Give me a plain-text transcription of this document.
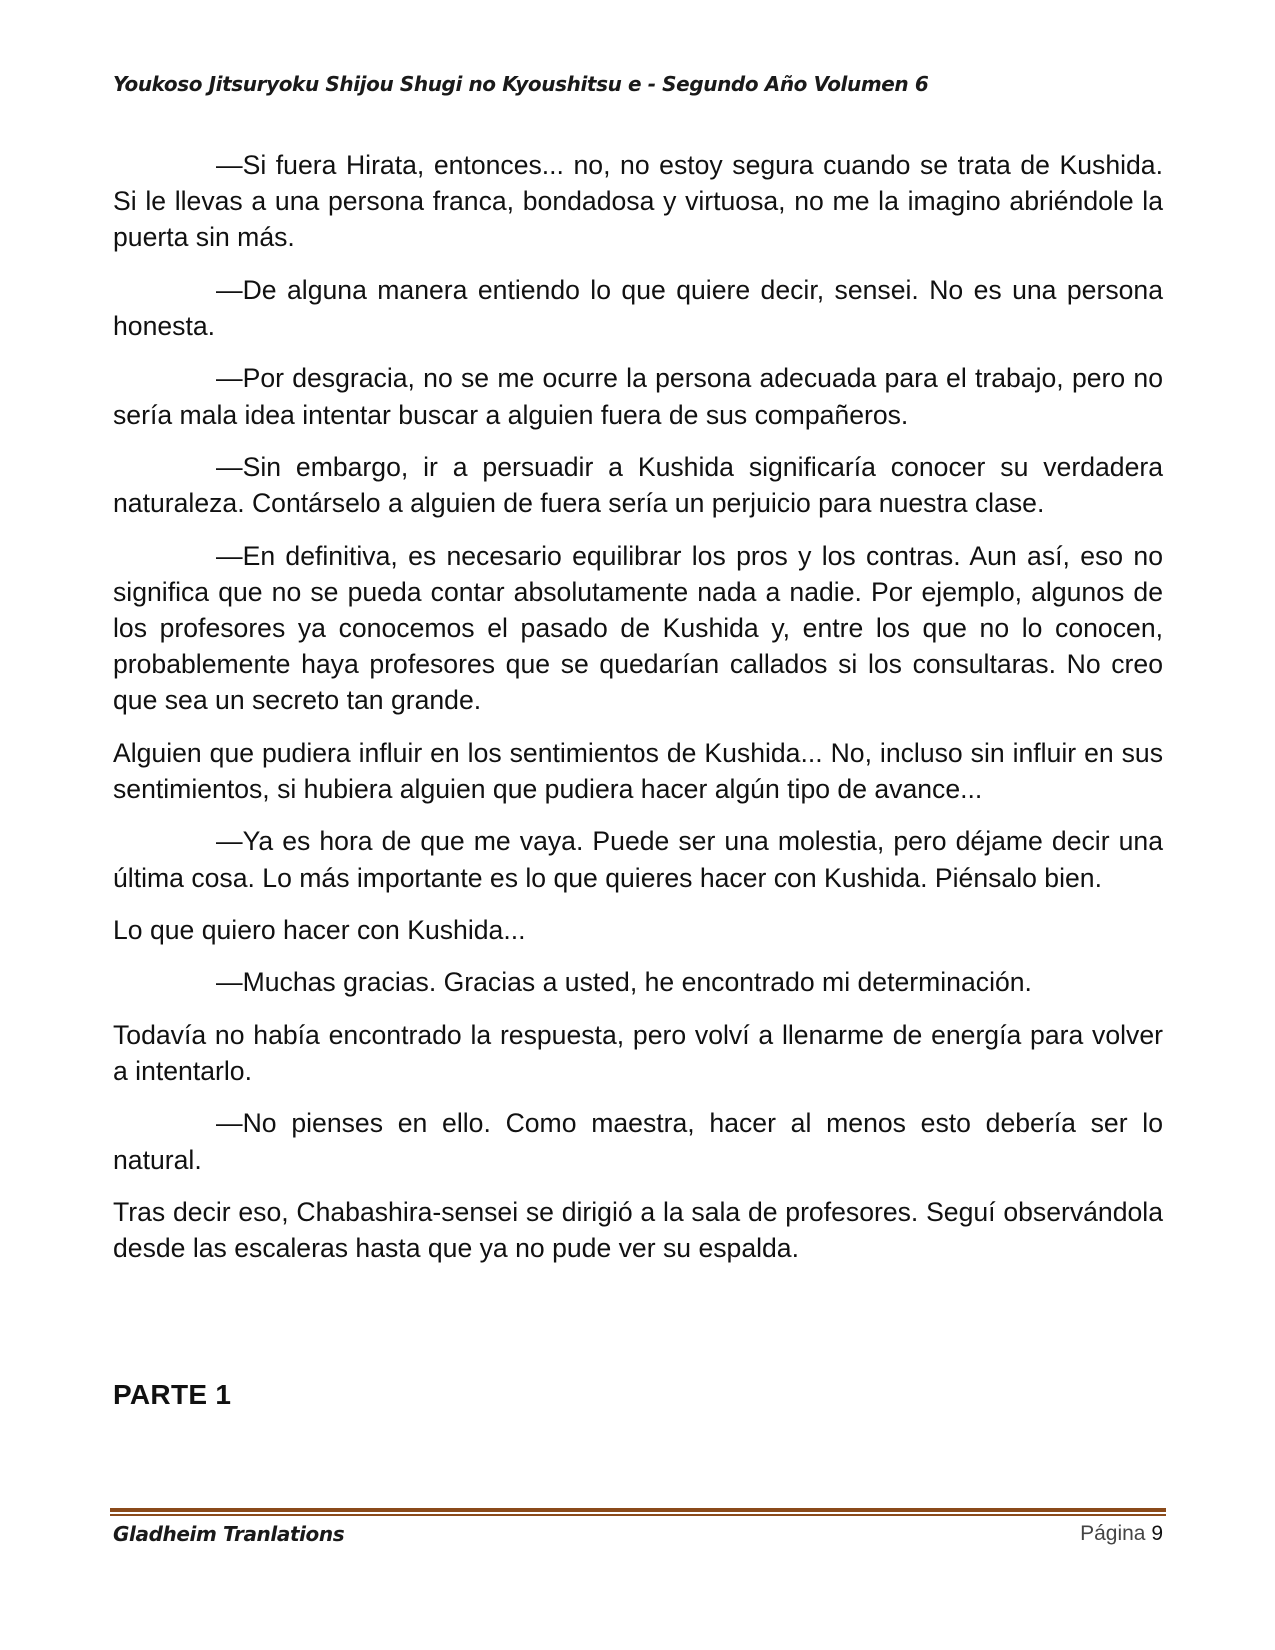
Youkoso Jitsuryoku Shijou Shugi no Kyoushitsu e - Segundo Año Volumen 6

—Si fuera Hirata, entonces... no, no estoy segura cuando se trata de Kushida. Si le llevas a una persona franca, bondadosa y virtuosa, no me la imagino abriéndole la puerta sin más.

—De alguna manera entiendo lo que quiere decir, sensei. No es una persona honesta.

—Por desgracia, no se me ocurre la persona adecuada para el trabajo, pero no sería mala idea intentar buscar a alguien fuera de sus compañeros.

—Sin embargo, ir a persuadir a Kushida significaría conocer su verdadera naturaleza. Contárselo a alguien de fuera sería un perjuicio para nuestra clase.

—En definitiva, es necesario equilibrar los pros y los contras. Aun así, eso no significa que no se pueda contar absolutamente nada a nadie. Por ejemplo, algunos de los profesores ya conocemos el pasado de Kushida y, entre los que no lo conocen, probablemente haya profesores que se quedarían callados si los consultaras. No creo que sea un secreto tan grande.

Alguien que pudiera influir en los sentimientos de Kushida... No, incluso sin influir en sus sentimientos, si hubiera alguien que pudiera hacer algún tipo de avance...

—Ya es hora de que me vaya. Puede ser una molestia, pero déjame decir una última cosa. Lo más importante es lo que quieres hacer con Kushida. Piénsalo bien.

Lo que quiero hacer con Kushida...

—Muchas gracias. Gracias a usted, he encontrado mi determinación.

Todavía no había encontrado la respuesta, pero volví a llenarme de energía para volver a intentarlo.

—No pienses en ello. Como maestra, hacer al menos esto debería ser lo natural.

Tras decir eso, Chabashira-sensei se dirigió a la sala de profesores. Seguí observándola desde las escaleras hasta que ya no pude ver su espalda.

PARTE 1
Gladheim Tranlations	Página 9
